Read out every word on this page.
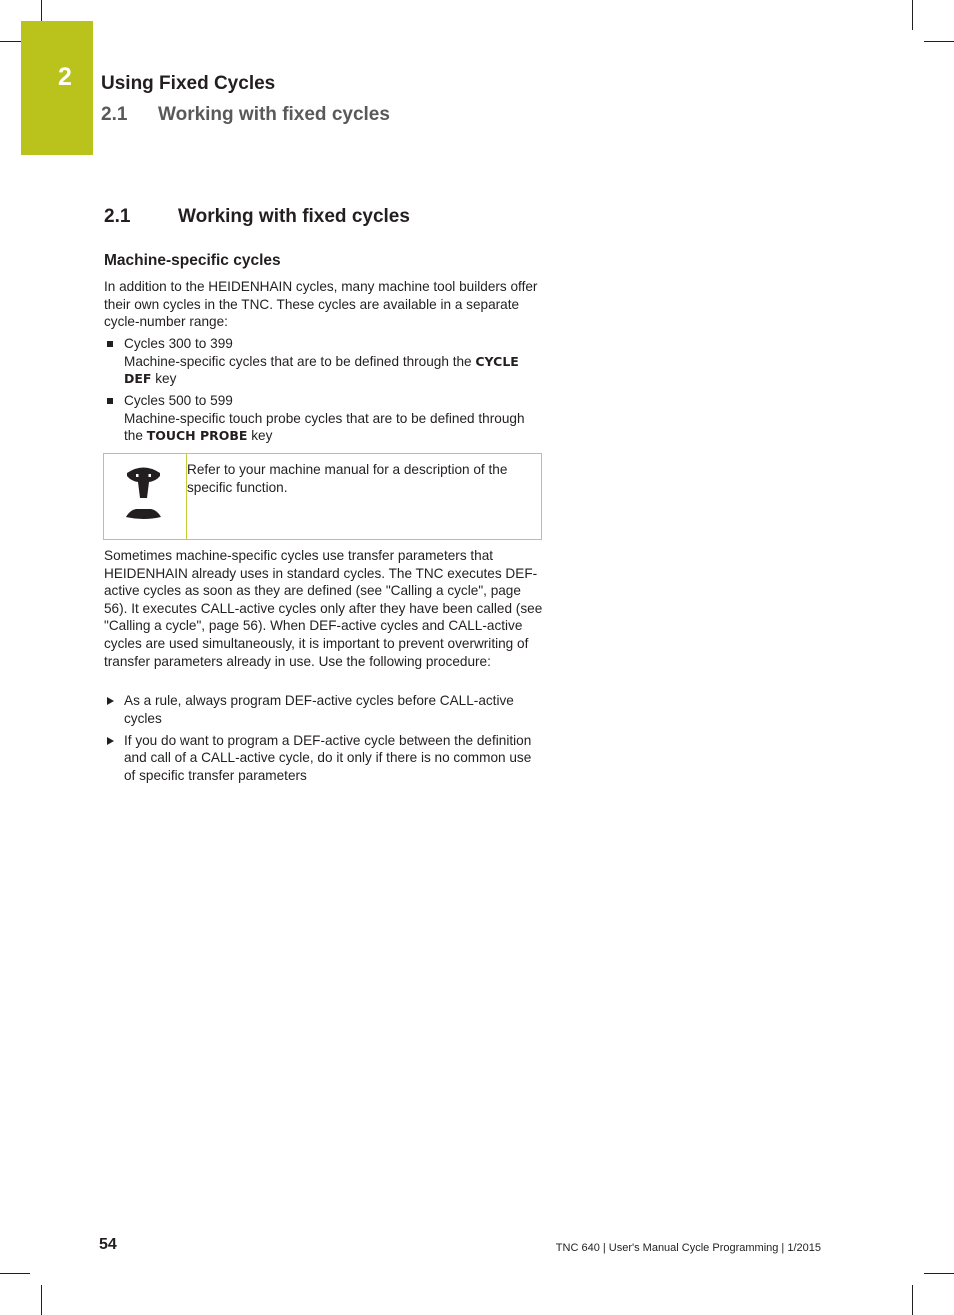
2 Using Fixed Cycles
2.1 Working with fixed cycles
2.1	Working with fixed cycles
Machine-specific cycles
In addition to the HEIDENHAIN cycles, many machine tool builders offer their own cycles in the TNC. These cycles are available in a separate cycle-number range:
Cycles 300 to 399
Machine-specific cycles that are to be defined through the CYCLE DEF key
Cycles 500 to 599
Machine-specific touch probe cycles that are to be defined through the TOUCH PROBE key
Refer to your machine manual for a description of the specific function.
Sometimes machine-specific cycles use transfer parameters that HEIDENHAIN already uses in standard cycles. The TNC executes DEF-active cycles as soon as they are defined (see "Calling a cycle", page 56). It executes CALL-active cycles only after they have been called (see "Calling a cycle", page 56). When DEF-active cycles and CALL-active cycles are used simultaneously, it is important to prevent overwriting of transfer parameters already in use. Use the following procedure:
As a rule, always program DEF-active cycles before CALL-active cycles
If you do want to program a DEF-active cycle between the definition and call of a CALL-active cycle, do it only if there is no common use of specific transfer parameters
54	TNC 640 | User's Manual Cycle Programming | 1/2015
